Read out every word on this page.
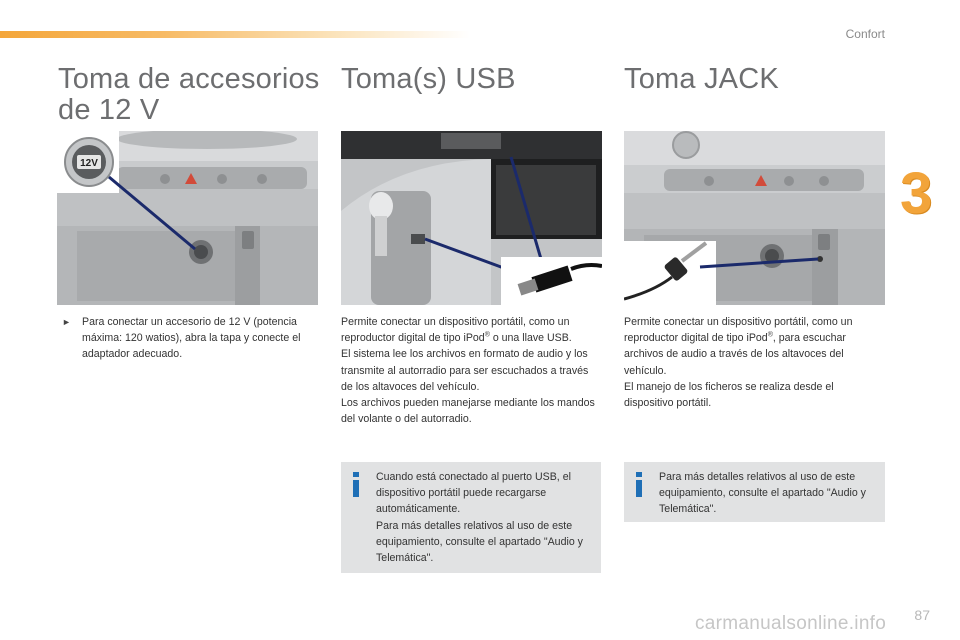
Confort
3
Toma de accesorios
de 12 V
12V
►	Para conectar un accesorio de 12 V (potencia máxima: 120 watios), abra la tapa y conecte el adaptador adecuado.
Toma(s) USB

Permite conectar un dispositivo portátil, como un reproductor digital de tipo iPod® o una llave USB.

El sistema lee los archivos en formato de audio y los transmite al autorradio para ser escuchados a través de los altavoces del vehículo.

Los archivos pueden manejarse mediante los mandos del volante o del autorradio.

Cuando está conectado al puerto USB, el dispositivo portátil puede recargarse automáticamente.

Para más detalles relativos al uso de este equipamiento, consulte el apartado "Audio y Telemática".

Toma JACK

Permite conectar un dispositivo portátil, como un reproductor digital de tipo iPod®, para escuchar archivos de audio a través de los altavoces del vehículo.

El manejo de los ficheros se realiza desde el dispositivo portátil.

Para más detalles relativos al uso de este equipamiento, consulte el apartado "Audio y Telemática".

87
carmanualsonline.info
